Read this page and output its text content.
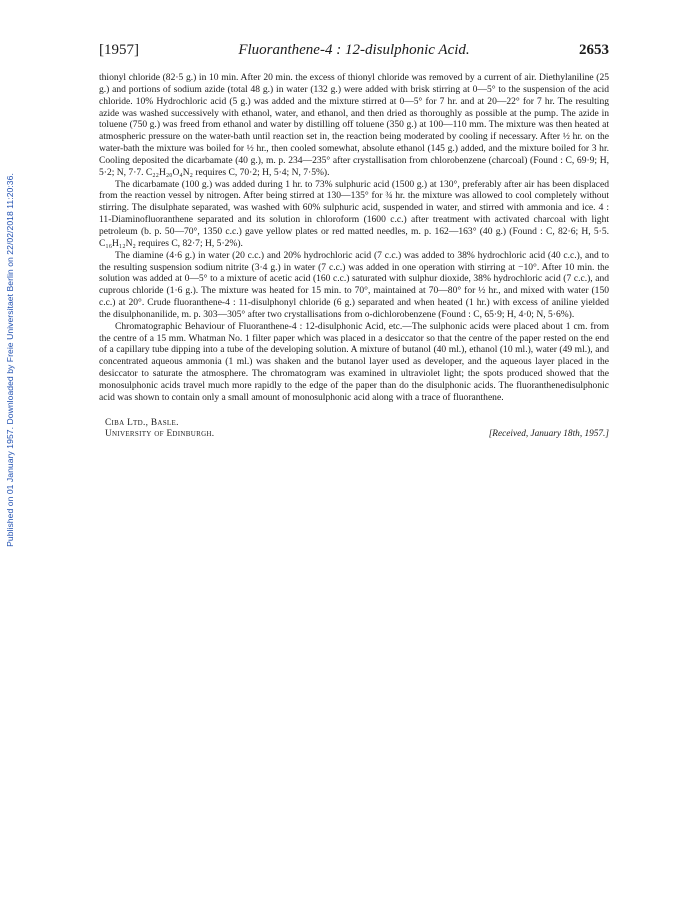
Published on 01 January 1957. Downloaded by Freie Universitaet Berlin on 22/02/2018 11:20:36.
[1957]	Fluoranthene-4 : 12-disulphonic Acid.	2653

thionyl chloride (82·5 g.) in 10 min. After 20 min. the excess of thionyl chloride was removed by a current of air. Diethylaniline (25 g.) and portions of sodium azide (total 48 g.) in water (132 g.) were added with brisk stirring at 0—5° to the suspension of the acid chloride. 10% Hydrochloric acid (5 g.) was added and the mixture stirred at 0—5° for 7 hr. and at 20—22° for 7 hr. The resulting azide was washed successively with ethanol, water, and ethanol, and then dried as thoroughly as possible at the pump. The azide in toluene (750 g.) was freed from ethanol and water by distilling off toluene (350 g.) at 100—110 mm. The mixture was then heated at atmospheric pressure on the water-bath until reaction set in, the reaction being moderated by cooling if necessary. After ½ hr. on the water-bath the mixture was boiled for ½ hr., then cooled somewhat, absolute ethanol (145 g.) added, and the mixture boiled for 3 hr. Cooling deposited the dicarbamate (40 g.), m. p. 234—235° after crystallisation from chlorobenzene (charcoal) (Found : C, 69·9; H, 5·2; N, 7·7. C₂₂H₂₀O₄N₂ requires C, 70·2; H, 5·4; N, 7·5%).

The dicarbamate (100 g.) was added during 1 hr. to 73% sulphuric acid (1500 g.) at 130°, preferably after air has been displaced from the reaction vessel by nitrogen. After being stirred at 130—135° for ¾ hr. the mixture was allowed to cool completely without stirring. The disulphate separated, was washed with 60% sulphuric acid, suspended in water, and stirred with ammonia and ice. 4 : 11-Diaminofluoranthene separated and its solution in chloroform (1600 c.c.) after treatment with activated charcoal with light petroleum (b. p. 50—70°, 1350 c.c.) gave yellow plates or red matted needles, m. p. 162—163° (40 g.) (Found : C, 82·6; H, 5·5. C₁₆H₁₂N₂ requires C, 82·7; H, 5·2%).

The diamine (4·6 g.) in water (20 c.c.) and 20% hydrochloric acid (7 c.c.) was added to 38% hydrochloric acid (40 c.c.), and to the resulting suspension sodium nitrite (3·4 g.) in water (7 c.c.) was added in one operation with stirring at −10°. After 10 min. the solution was added at 0—5° to a mixture of acetic acid (160 c.c.) saturated with sulphur dioxide, 38% hydrochloric acid (7 c.c.), and cuprous chloride (1·6 g.). The mixture was heated for 15 min. to 70°, maintained at 70—80° for ½ hr., and mixed with water (150 c.c.) at 20°. Crude fluoranthene-4 : 11-disulphonyl chloride (6 g.) separated and when heated (1 hr.) with excess of aniline yielded the disulphonanilide, m. p. 303—305° after two crystallisations from o-dichlorobenzene (Found : C, 65·9; H, 4·0; N, 5·6%).

Chromatographic Behaviour of Fluoranthene-4 : 12-disulphonic Acid, etc.—The sulphonic acids were placed about 1 cm. from the centre of a 15 mm. Whatman No. 1 filter paper which was placed in a desiccator so that the centre of the paper rested on the end of a capillary tube dipping into a tube of the developing solution. A mixture of butanol (40 ml.), ethanol (10 ml.), water (49 ml.), and concentrated aqueous ammonia (1 ml.) was shaken and the butanol layer used as developer, and the aqueous layer placed in the desiccator to saturate the atmosphere. The chromatogram was examined in ultraviolet light; the spots produced showed that the monosulphonic acids travel much more rapidly to the edge of the paper than do the disulphonic acids. The fluoranthenedisulphonic acid was shown to contain only a small amount of monosulphonic acid along with a trace of fluoranthene.

Ciba Ltd., Basle.
University of Edinburgh.	[Received, January 18th, 1957.]
